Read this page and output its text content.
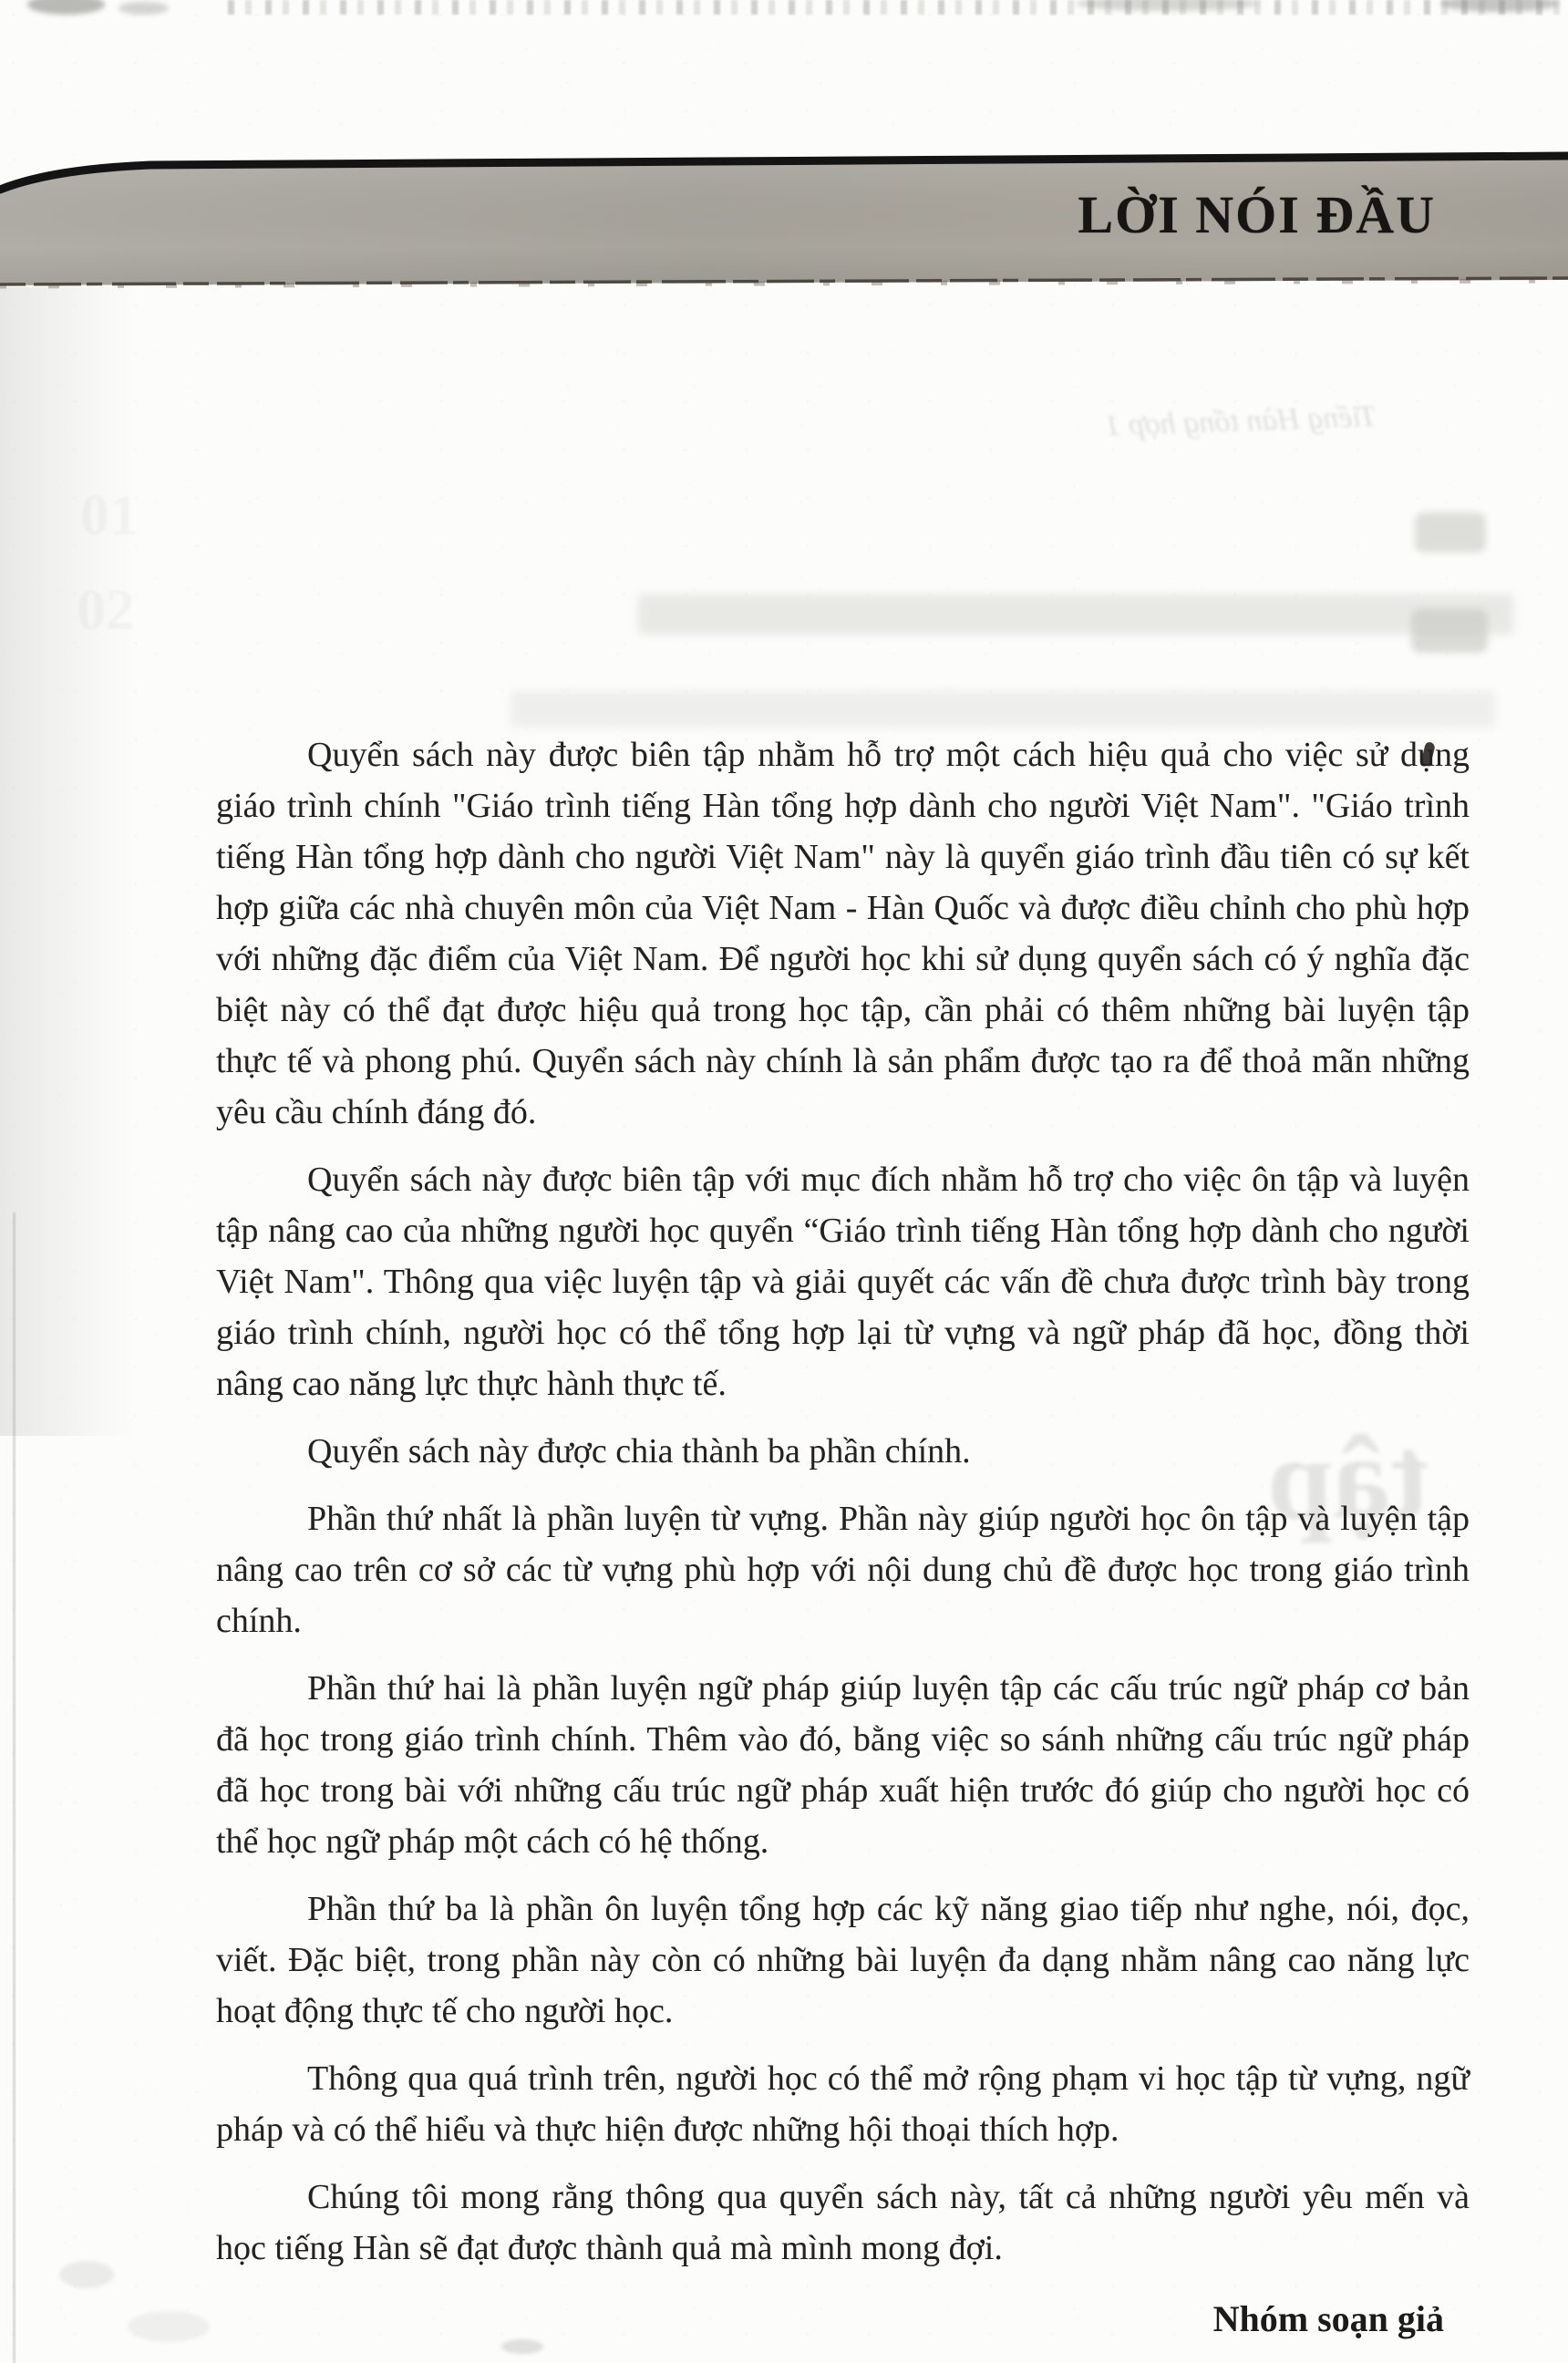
LỜI NÓI ĐẦU
Tiếng Hàn tổng hợp 1
tập

Quyển sách này được biên tập nhằm hỗ trợ một cách hiệu quả cho việc sử dụng giáo trình chính "Giáo trình tiếng Hàn tổng hợp dành cho người Việt Nam". "Giáo trình tiếng Hàn tổng hợp dành cho người Việt Nam" này là quyển giáo trình đầu tiên có sự kết hợp giữa các nhà chuyên môn của Việt Nam - Hàn Quốc và được điều chỉnh cho phù hợp với những đặc điểm của Việt Nam. Để người học khi sử dụng quyển sách có ý nghĩa đặc biệt này có thể đạt được hiệu quả trong học tập, cần phải có thêm những bài luyện tập thực tế và phong phú. Quyển sách này chính là sản phẩm được tạo ra để thoả mãn những yêu cầu chính đáng đó.

Quyển sách này được biên tập với mục đích nhằm hỗ trợ cho việc ôn tập và luyện tập nâng cao của những người học quyển “Giáo trình tiếng Hàn tổng hợp dành cho người Việt Nam". Thông qua việc luyện tập và giải quyết các vấn đề chưa được trình bày trong giáo trình chính, người học có thể tổng hợp lại từ vựng và ngữ pháp đã học, đồng thời nâng cao năng lực thực hành thực tế.

Quyển sách này được chia thành ba phần chính.

Phần thứ nhất là phần luyện từ vựng. Phần này giúp người học ôn tập và luyện tập nâng cao trên cơ sở các từ vựng phù hợp với nội dung chủ đề được học trong giáo trình chính.

Phần thứ hai là phần luyện ngữ pháp giúp luyện tập các cấu trúc ngữ pháp cơ bản đã học trong giáo trình chính. Thêm vào đó, bằng việc so sánh những cấu trúc ngữ pháp đã học trong bài với những cấu trúc ngữ pháp xuất hiện trước đó giúp cho người học có thể học ngữ pháp một cách có hệ thống.

Phần thứ ba là phần ôn luyện tổng hợp các kỹ năng giao tiếp như nghe, nói, đọc, viết. Đặc biệt, trong phần này còn có những bài luyện đa dạng nhằm nâng cao năng lực hoạt động thực tế cho người học.

Thông qua quá trình trên, người học có thể mở rộng phạm vi học tập từ vựng, ngữ pháp và có thể hiểu và thực hiện được những hội thoại thích hợp.

Chúng tôi mong rằng thông qua quyển sách này, tất cả những người yêu mến và học tiếng Hàn sẽ đạt được thành quả mà mình mong đợi.

Nhóm soạn giả
